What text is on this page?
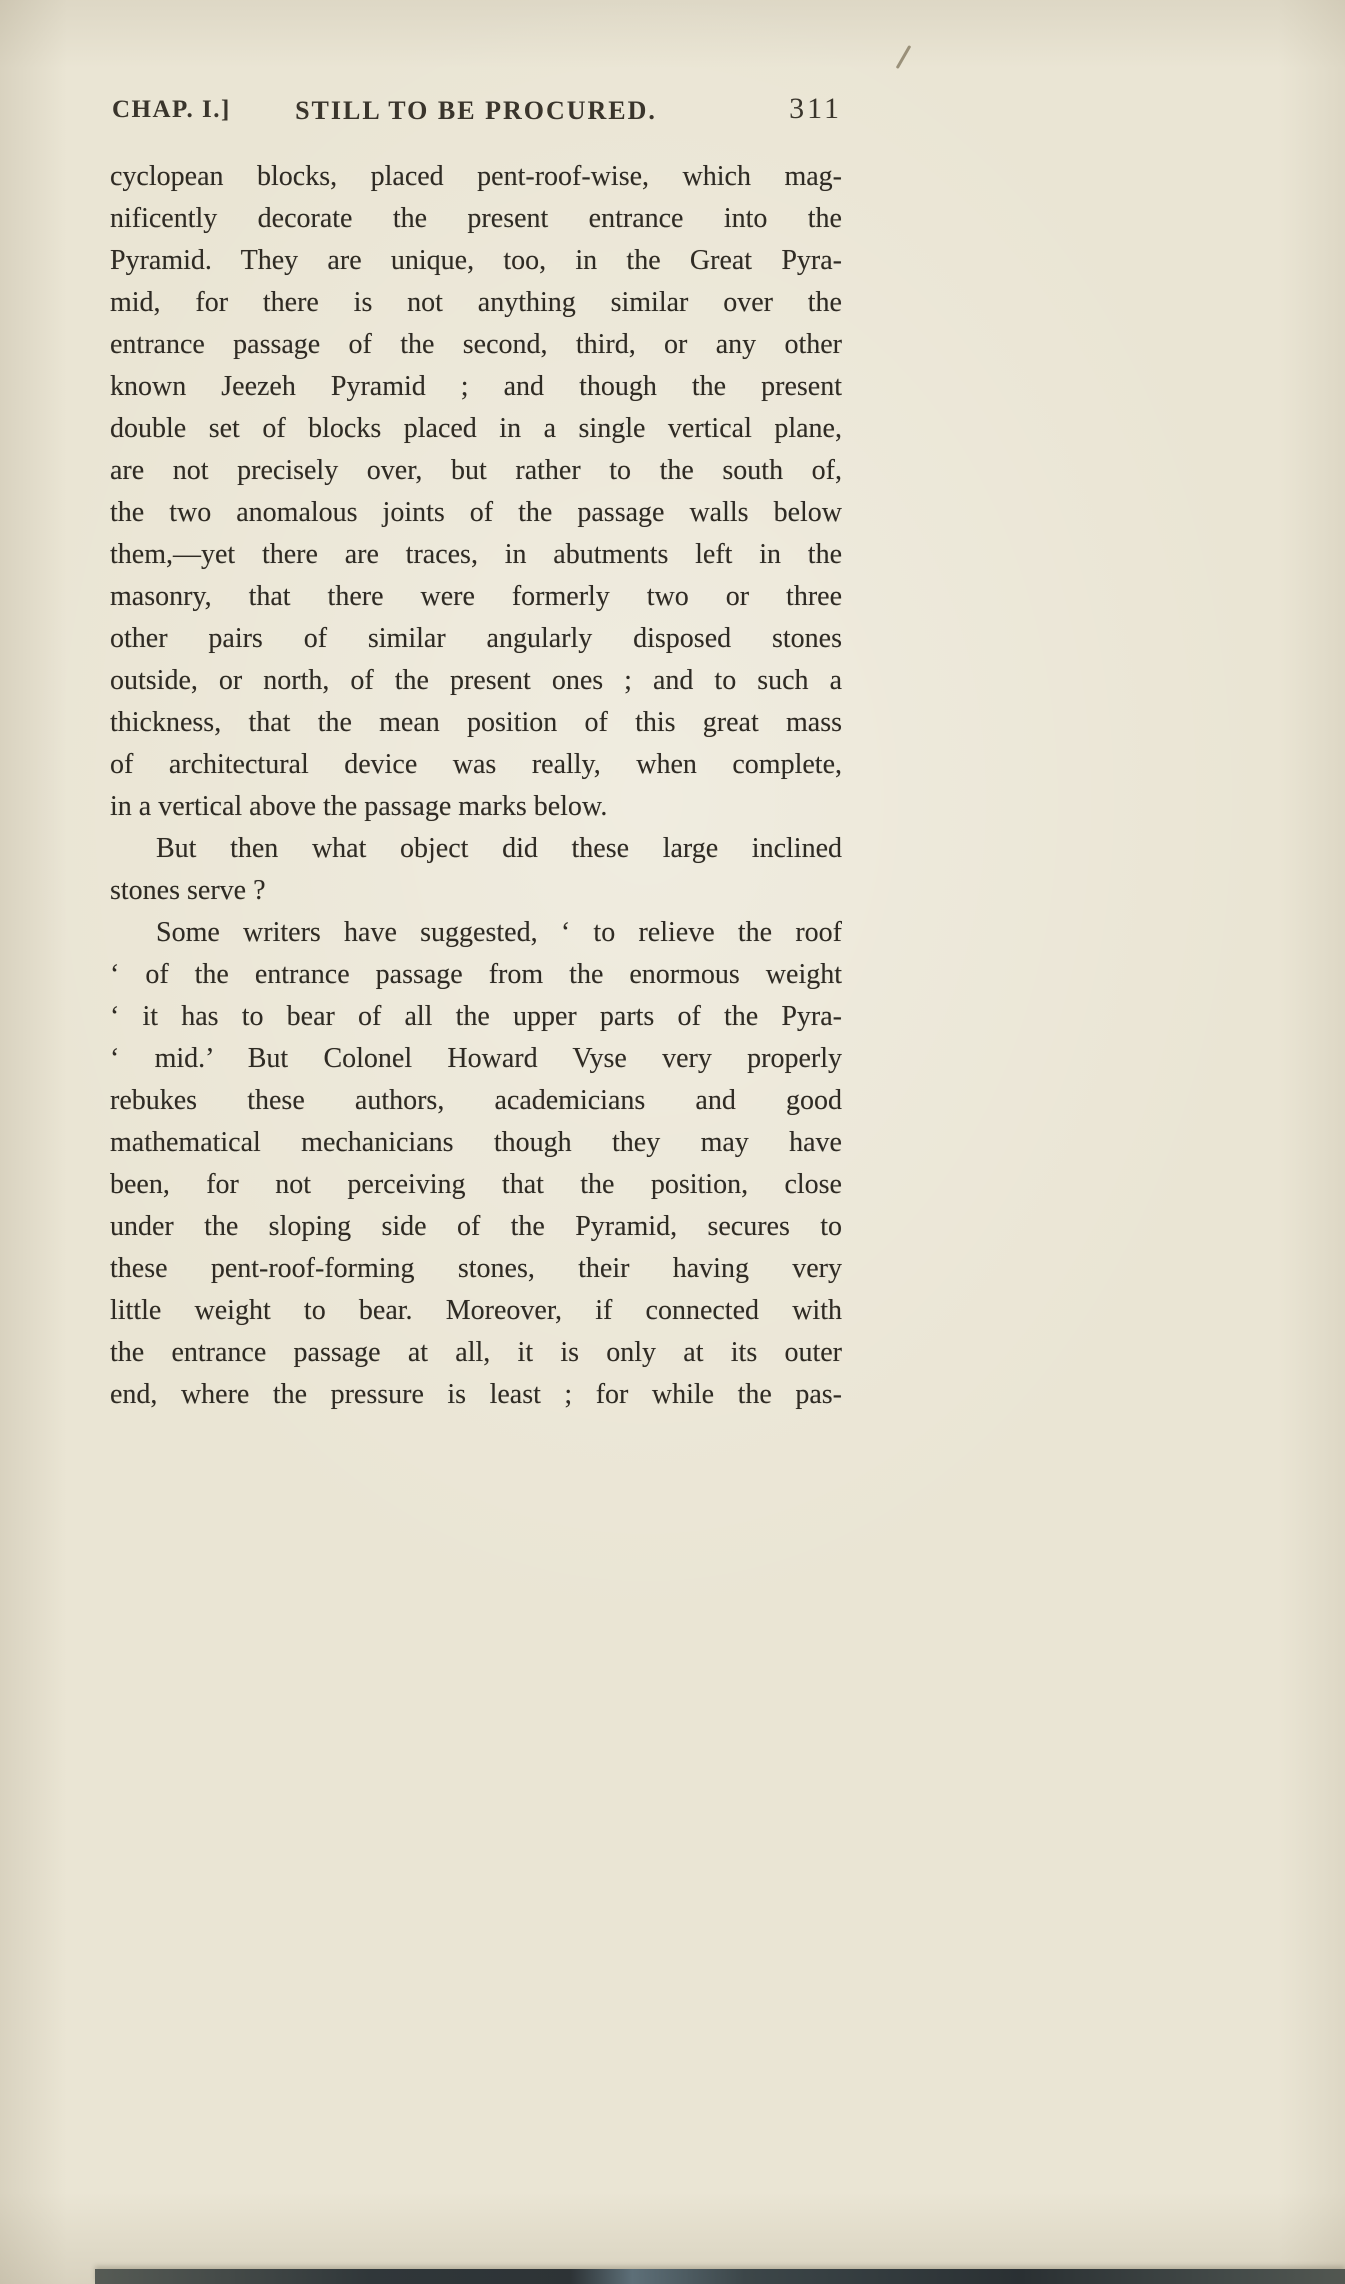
CHAP. I.] STILL TO BE PROCURED.	311
cyclopean blocks, placed pent-roof-wise, which mag-
nificently decorate the present entrance into the
Pyramid. They are unique, too, in the Great Pyra-
mid, for there is not anything similar over the
entrance passage of the second, third, or any other
known Jeezeh Pyramid ; and though the present
double set of blocks placed in a single vertical plane,
are not precisely over, but rather to the south of,
the two anomalous joints of the passage walls below
them,—yet there are traces, in abutments left in the
masonry, that there were formerly two or three
other pairs of similar angularly disposed stones
outside, or north, of the present ones ; and to such a
thickness, that the mean position of this great mass
of architectural device was really, when complete,
in a vertical above the passage marks below.
But then what object did these large inclined
stones serve ?
Some writers have suggested, ‘ to relieve the roof
‘ of the entrance passage from the enormous weight
‘ it has to bear of all the upper parts of the Pyra-
‘ mid.’ But Colonel Howard Vyse very properly
rebukes these authors, academicians and good
mathematical mechanicians though they may have
been, for not perceiving that the position, close
under the sloping side of the Pyramid, secures to
these pent-roof-forming stones, their having very
little weight to bear. Moreover, if connected with
the entrance passage at all, it is only at its outer
end, where the pressure is least ; for while the pas-
